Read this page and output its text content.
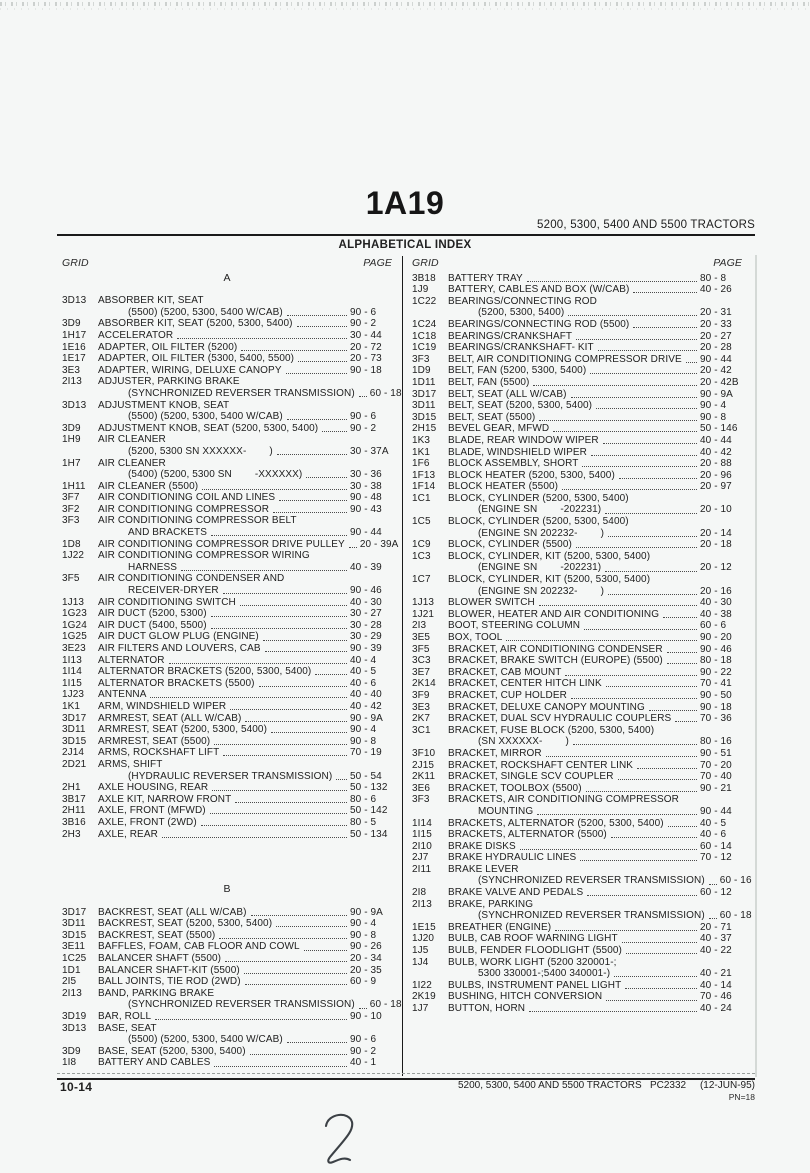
1A19
5200, 5300, 5400 AND 5500 TRACTORS
ALPHABETICAL INDEX
GRID	PAGE
A
3D13	ABSORBER KIT, SEAT
(5500) (5200, 5300, 5400 W/CAB)	90 - 6
3D9	ABSORBER KIT, SEAT (5200, 5300, 5400)	90 - 2
1H17	ACCELERATOR	30 - 44
1E16	ADAPTER, OIL FILTER (5200)	20 - 72
1E17	ADAPTER, OIL FILTER (5300, 5400, 5500)	20 - 73
3E3	ADAPTER, WIRING, DELUXE CANOPY	90 - 18
2I13	ADJUSTER, PARKING BRAKE
(SYNCHRONIZED REVERSER TRANSMISSION) 60 - 18
3D13	ADJUSTMENT KNOB, SEAT
(5500) (5200, 5300, 5400 W/CAB)	90 - 6
3D9	ADJUSTMENT KNOB, SEAT (5200, 5300, 5400)	90 - 2
1H9	AIR CLEANER
(5200, 5300 SN XXXXXX-        )	30 - 37A
1H7	AIR CLEANER
(5400) (5200, 5300 SN        -XXXXXX)	30 - 36
1H11	AIR CLEANER (5500)	30 - 38
3F7	AIR CONDITIONING COIL AND LINES	90 - 48
3F2	AIR CONDITIONING COMPRESSOR	90 - 43
3F3	AIR CONDITIONING COMPRESSOR BELT
AND BRACKETS	90 - 44
1D8	AIR CONDITIONING COMPRESSOR DRIVE PULLEY 20 - 39A
1J22	AIR CONDITIONING COMPRESSOR WIRING
HARNESS	40 - 39
3F5	AIR CONDITIONING CONDENSER AND
RECEIVER-DRYER	90 - 46
1J13	AIR CONDITIONING SWITCH	40 - 30
1G23	AIR DUCT (5200, 5300)	30 - 27
1G24	AIR DUCT (5400, 5500)	30 - 28
1G25	AIR DUCT GLOW PLUG (ENGINE)	30 - 29
3E23	AIR FILTERS AND LOUVERS, CAB	90 - 39
1I13	ALTERNATOR	40 - 4
1I14	ALTERNATOR BRACKETS (5200, 5300, 5400)	40 - 5
1I15	ALTERNATOR BRACKETS (5500)	40 - 6
1J23	ANTENNA	40 - 40
1K1	ARM, WINDSHIELD WIPER	40 - 42
3D17	ARMREST, SEAT (ALL W/CAB)	90 - 9A
3D11	ARMREST, SEAT (5200, 5300, 5400)	90 - 4
3D15	ARMREST, SEAT (5500)	90 - 8
2J14	ARMS, ROCKSHAFT LIFT	70 - 19
2D21	ARMS, SHIFT
(HYDRAULIC REVERSER TRANSMISSION) 50 - 54
2H1	AXLE HOUSING, REAR	50 - 132
3B17	AXLE KIT, NARROW FRONT	80 - 6
2H11	AXLE, FRONT (MFWD)	50 - 142
3B16	AXLE, FRONT (2WD)	80 - 5
2H3	AXLE, REAR	50 - 134
B
3D17	BACKREST, SEAT (ALL W/CAB)	90 - 9A
3D11	BACKREST, SEAT (5200, 5300, 5400)	90 - 4
3D15	BACKREST, SEAT (5500)	90 - 8
3E11	BAFFLES, FOAM, CAB FLOOR AND COWL	90 - 26
1C25	BALANCER SHAFT (5500)	20 - 34
1D1	BALANCER SHAFT-KIT (5500)	20 - 35
2I5	BALL JOINTS, TIE ROD (2WD)	60 - 9
2I13	BAND, PARKING BRAKE
(SYNCHRONIZED REVERSER TRANSMISSION) 60 - 18
3D19	BAR, ROLL	90 - 10
3D13	BASE, SEAT
(5500) (5200, 5300, 5400 W/CAB)	90 - 6
3D9	BASE, SEAT (5200, 5300, 5400)	90 - 2
1I8	BATTERY AND CABLES	40 - 1
GRID	PAGE
3B18	BATTERY TRAY	80 - 8
1J9	BATTERY, CABLES AND BOX (W/CAB)	40 - 26
1C22	BEARINGS/CONNECTING ROD
(5200, 5300, 5400)	20 - 31
1C24	BEARINGS/CONNECTING ROD (5500)	20 - 33
1C18	BEARINGS/CRANKSHAFT	20 - 27
1C19	BEARINGS/CRANKSHAFT- KIT	20 - 28
3F3	BELT, AIR CONDITIONING COMPRESSOR DRIVE 90 - 44
1D9	BELT, FAN (5200, 5300, 5400)	20 - 42
1D11	BELT, FAN (5500)	20 - 42B
3D17	BELT, SEAT (ALL W/CAB)	90 - 9A
3D11	BELT, SEAT (5200, 5300, 5400)	90 - 4
3D15	BELT, SEAT (5500)	90 - 8
2H15	BEVEL GEAR, MFWD	50 - 146
1K3	BLADE, REAR WINDOW WIPER	40 - 44
1K1	BLADE, WINDSHIELD WIPER	40 - 42
1F6	BLOCK ASSEMBLY, SHORT	20 - 88
1F13	BLOCK HEATER (5200, 5300, 5400)	20 - 96
1F14	BLOCK HEATER (5500)	20 - 97
1C1	BLOCK, CYLINDER (5200, 5300, 5400)
(ENGINE SN        -202231)	20 - 10
1C5	BLOCK, CYLINDER (5200, 5300, 5400)
(ENGINE SN 202232-        )	20 - 14
1C9	BLOCK, CYLINDER (5500)	20 - 18
1C3	BLOCK, CYLINDER, KIT (5200, 5300, 5400)
(ENGINE SN        -202231)	20 - 12
1C7	BLOCK, CYLINDER, KIT (5200, 5300, 5400)
(ENGINE SN 202232-        )	20 - 16
1J13	BLOWER SWITCH	40 - 30
1J21	BLOWER, HEATER AND AIR CONDITIONING	40 - 38
2I3	BOOT, STEERING COLUMN	60 - 6
3E5	BOX, TOOL	90 - 20
3F5	BRACKET, AIR CONDITIONING CONDENSER	90 - 46
3C3	BRACKET, BRAKE SWITCH (EUROPE) (5500)	80 - 18
3E7	BRACKET, CAB MOUNT	90 - 22
2K14	BRACKET, CENTER HITCH LINK	70 - 41
3F9	BRACKET, CUP HOLDER	90 - 50
3E3	BRACKET, DELUXE CANOPY MOUNTING	90 - 18
2K7	BRACKET, DUAL SCV HYDRAULIC COUPLERS	70 - 36
3C1	BRACKET, FUSE BLOCK (5200, 5300, 5400)
(SN XXXXXX-        )	80 - 16
3F10	BRACKET, MIRROR	90 - 51
2J15	BRACKET, ROCKSHAFT CENTER LINK	70 - 20
2K11	BRACKET, SINGLE SCV COUPLER	70 - 40
3E6	BRACKET, TOOLBOX (5500)	90 - 21
3F3	BRACKETS, AIR CONDITIONING COMPRESSOR
MOUNTING	90 - 44
1I14	BRACKETS, ALTERNATOR (5200, 5300, 5400)	40 - 5
1I15	BRACKETS, ALTERNATOR (5500)	40 - 6
2I10	BRAKE DISKS	60 - 14
2J7	BRAKE HYDRAULIC LINES	70 - 12
2I11	BRAKE LEVER
(SYNCHRONIZED REVERSER TRANSMISSION) 60 - 16
2I8	BRAKE VALVE AND PEDALS	60 - 12
2I13	BRAKE, PARKING
(SYNCHRONIZED REVERSER TRANSMISSION) 60 - 18
1E15	BREATHER (ENGINE)	20 - 71
1J20	BULB, CAB ROOF WARNING LIGHT	40 - 37
1J5	BULB, FENDER FLOODLIGHT (5500)	40 - 22
1J4	BULB, WORK LIGHT (5200 320001-;
5300 330001-;5400 340001-)	40 - 21
1I22	BULBS, INSTRUMENT PANEL LIGHT	40 - 14
2K19	BUSHING, HITCH CONVERSION	70 - 46
1J7	BUTTON, HORN	40 - 24
10-14	5200, 5300, 5400 AND 5500 TRACTORS   PC2332     (12-JUN-95)
PN=18
